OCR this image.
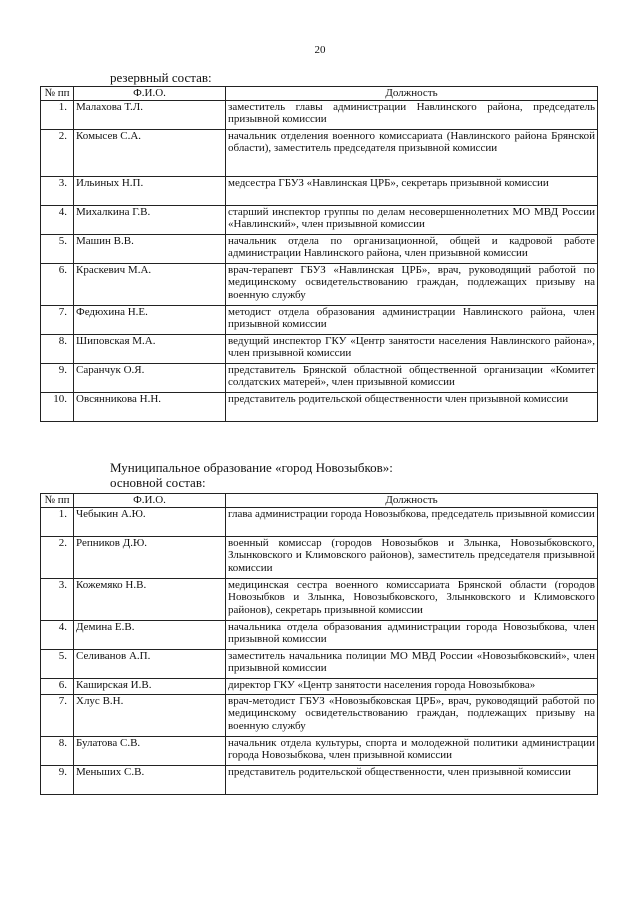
20
резервный состав:
№ пп	Ф.И.О.	Должность
1.	Малахова Т.Л.	заместитель главы администрации Навлинского района, председатель призывной комиссии
2.	Комысев С.А.	начальник отделения военного комиссариата (Навлинского района Брянской области), заместитель председателя призывной комиссии
3.	Ильиных Н.П.	медсестра ГБУЗ «Навлинская ЦРБ», секретарь призывной комиссии
4.	Михалкина Г.В.	старший инспектор группы по делам несовершеннолетних МО МВД России «Навлинский», член призывной комиссии
5.	Машин В.В.	начальник отдела по организационной, общей и кадровой работе администрации Навлинского района, член призывной комиссии
6.	Краскевич М.А.	врач-терапевт ГБУЗ «Навлинская ЦРБ», врач, руководящий работой по медицинскому освидетельствованию граждан, подлежащих призыву на военную службу
7.	Федюхина Н.Е.	методист отдела образования администрации Навлинского района, член призывной комиссии
8.	Шиповская М.А.	ведущий инспектор ГКУ «Центр занятости населения Навлинского района», член призывной комиссии
9.	Саранчук О.Я.	представитель Брянской областной общественной организации «Комитет солдатских матерей», член призывной комиссии
10.	Овсянникова Н.Н.	представитель родительской общественности член призывной комиссии
Муниципальное образование «город Новозыбков»:
основной состав:
№ пп	Ф.И.О.	Должность
1.	Чебыкин А.Ю.	глава администрации города Новозыбкова, председатель призывной комиссии
2.	Репников Д.Ю.	военный комиссар (городов Новозыбков и Злынка, Новозыбковского, Злынковского и Климовского районов), заместитель председателя призывной комиссии
3.	Кожемяко Н.В.	медицинская сестра военного комиссариата Брянской области (городов Новозыбков и Злынка, Новозыбковского, Злынковского и Климовского районов), секретарь призывной комиссии
4.	Демина Е.В.	начальника отдела образования администрации города Новозыбкова, член призывной комиссии
5.	Селиванов А.П.	заместитель начальника полиции МО МВД России «Новозыбковский», член призывной комиссии
6.	Каширская И.В.	директор ГКУ «Центр занятости населения города Новозыбкова»
7.	Хлус В.Н.	врач-методист ГБУЗ «Новозыбковская ЦРБ», врач, руководящий работой по медицинскому освидетельствованию граждан, подлежащих призыву на военную службу
8.	Булатова С.В.	начальник отдела культуры, спорта и молодежной политики администрации города Новозыбкова, член призывной комиссии
9.	Меньших С.В.	представитель родительской общественности, член призывной комиссии
